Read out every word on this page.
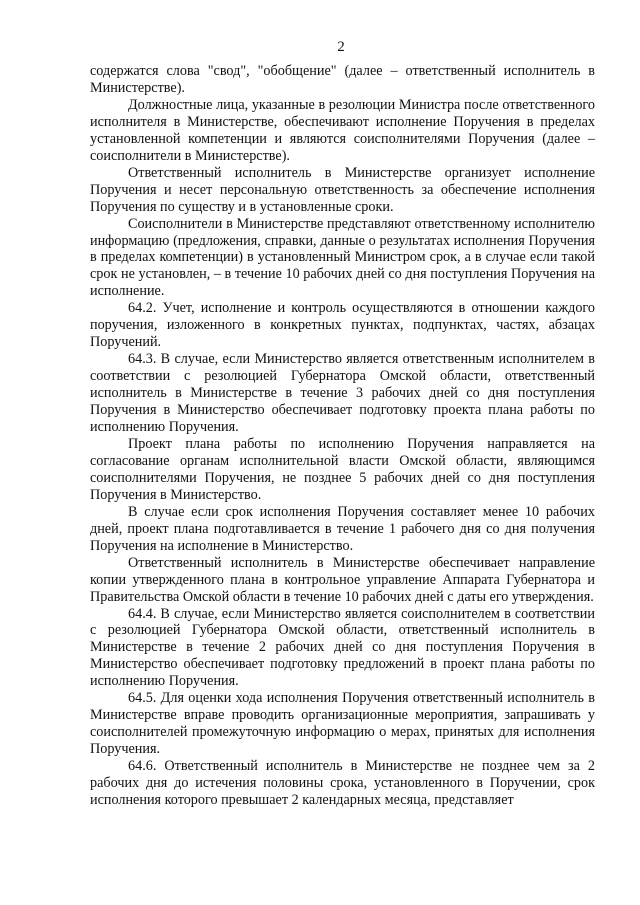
2

содержатся слова "свод", "обобщение" (далее – ответственный исполнитель в Министерстве).

Должностные лица, указанные в резолюции Министра после ответственного исполнителя в Министерстве, обеспечивают исполнение Поручения в пределах установленной компетенции и являются соисполнителями Поручения (далее – соисполнители в Министерстве).

Ответственный исполнитель в Министерстве организует исполнение Поручения и несет персональную ответственность за обеспечение исполнения Поручения по существу и в установленные сроки.

Соисполнители в Министерстве представляют ответственному исполнителю информацию (предложения, справки, данные о результатах исполнения Поручения в пределах компетенции) в установленный Министром срок, а в случае если такой срок не установлен, – в течение 10 рабочих дней со дня поступления Поручения на исполнение.

64.2. Учет, исполнение и контроль осуществляются в отношении каждого поручения, изложенного в конкретных пунктах, подпунктах, частях, абзацах Поручений.

64.3. В случае, если Министерство является ответственным исполнителем в соответствии с резолюцией Губернатора Омской области, ответственный исполнитель в Министерстве в течение 3 рабочих дней со дня поступления Поручения в Министерство обеспечивает подготовку проекта плана работы по исполнению Поручения.

Проект плана работы по исполнению Поручения направляется на согласование органам исполнительной власти Омской области, являющимся соисполнителями Поручения, не позднее 5 рабочих дней со дня поступления Поручения в Министерство.

В случае если срок исполнения Поручения составляет менее 10 рабочих дней, проект плана подготавливается в течение 1 рабочего дня со дня получения Поручения на исполнение в Министерство.

Ответственный исполнитель в Министерстве обеспечивает направление копии утвержденного плана в контрольное управление Аппарата Губернатора и Правительства Омской области в течение 10 рабочих дней с даты его утверждения.

64.4. В случае, если Министерство является соисполнителем в соответствии с резолюцией Губернатора Омской области, ответственный исполнитель в Министерстве в течение 2 рабочих дней со дня поступления Поручения в Министерство обеспечивает подготовку предложений в проект плана работы по исполнению Поручения.

64.5. Для оценки хода исполнения Поручения ответственный исполнитель в Министерстве вправе проводить организационные мероприятия, запрашивать у соисполнителей промежуточную информацию о мерах, принятых для исполнения Поручения.

64.6. Ответственный исполнитель в Министерстве не позднее чем за 2 рабочих дня до истечения половины срока, установленного в Поручении, срок исполнения которого превышает 2 календарных месяца, представляет
